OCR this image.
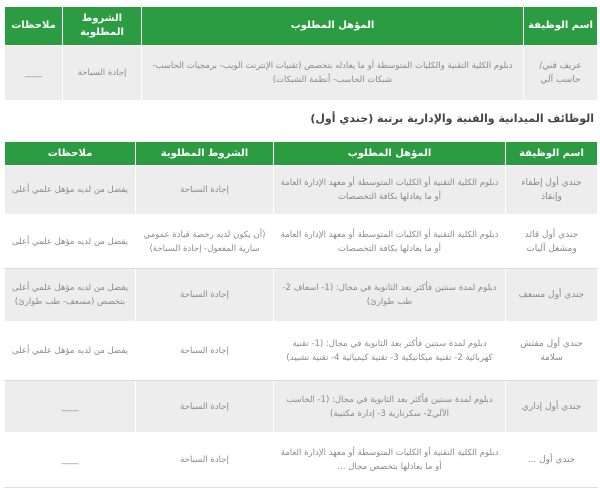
اسم الوظيفة	المؤهل المطلوب	الشروط المطلوبة	ملاحظات
عريف فني/ حاسب آلي	دبلوم الكلية التقنية والكليات المتوسطة أو ما يعادله بتخصص (تقنيات الإنترنت الويب- برمجيات الحاسب- شبكات الحاسب- أنظمة الشبكات)	إجادة السباحة	____
الوظائف الميدانية والفنية والإدارية برتبة (جندي أول)
اسم الوظيفة	المؤهل المطلوب	الشروط المطلوبة	ملاحظات
جندي أول إطفاء وإنقاذ	دبلوم الكلية التقنية أو الكليات المتوسطة أو معهد الإدارة العامة أو ما يعادلها بكافة التخصصات	إجادة السباحة	يفضل من لديه مؤهل علمي أعلى
جندي أول قائد ومشغل آليات	دبلوم الكلية التقنية أو الكليات المتوسطة أو معهد الإدارة العامة أو ما يعادلها بكافة التخصصات	(أن يكون لديه رخصة قيادة عمومي سارية المفعول- إجادة السباحة)	يفضل من لديه مؤهل علمي أعلى
جندي أول مسعف	دبلوم لمدة سنتين فأكثر بعد الثانوية في مجال: (1- اسعاف 2- طب طوارئ)	إجادة السباحة	يفضل من لديه مؤهل علمي أعلى بتخصص (مسعف- طب طوارئ)
جندي أول مفتش سلامة	دبلوم لمدة سنتين فأكثر بعد الثانوية في مجال: (1- تقنية كهربائية 2- تقنية ميكانيكية 3- تقنية كيميائية 4- تقنية تشييد)	إجادة السباحة	يفضل من لديه مؤهل علمي أعلى
جندي أول إداري	دبلوم لمدة سنتين فأكثر بعد الثانوية في مجال: (1- الحاسب الآلي2- سكرتارية 3- إدارة مكتبية)	إجادة السباحة	____
جندي أول ...	دبلوم الكلية التقنية أو الكليات المتوسطة أو معهد الإدارة العامة أو ما يعادلها بتخصص مجال ...	إجادة السباحة	____
